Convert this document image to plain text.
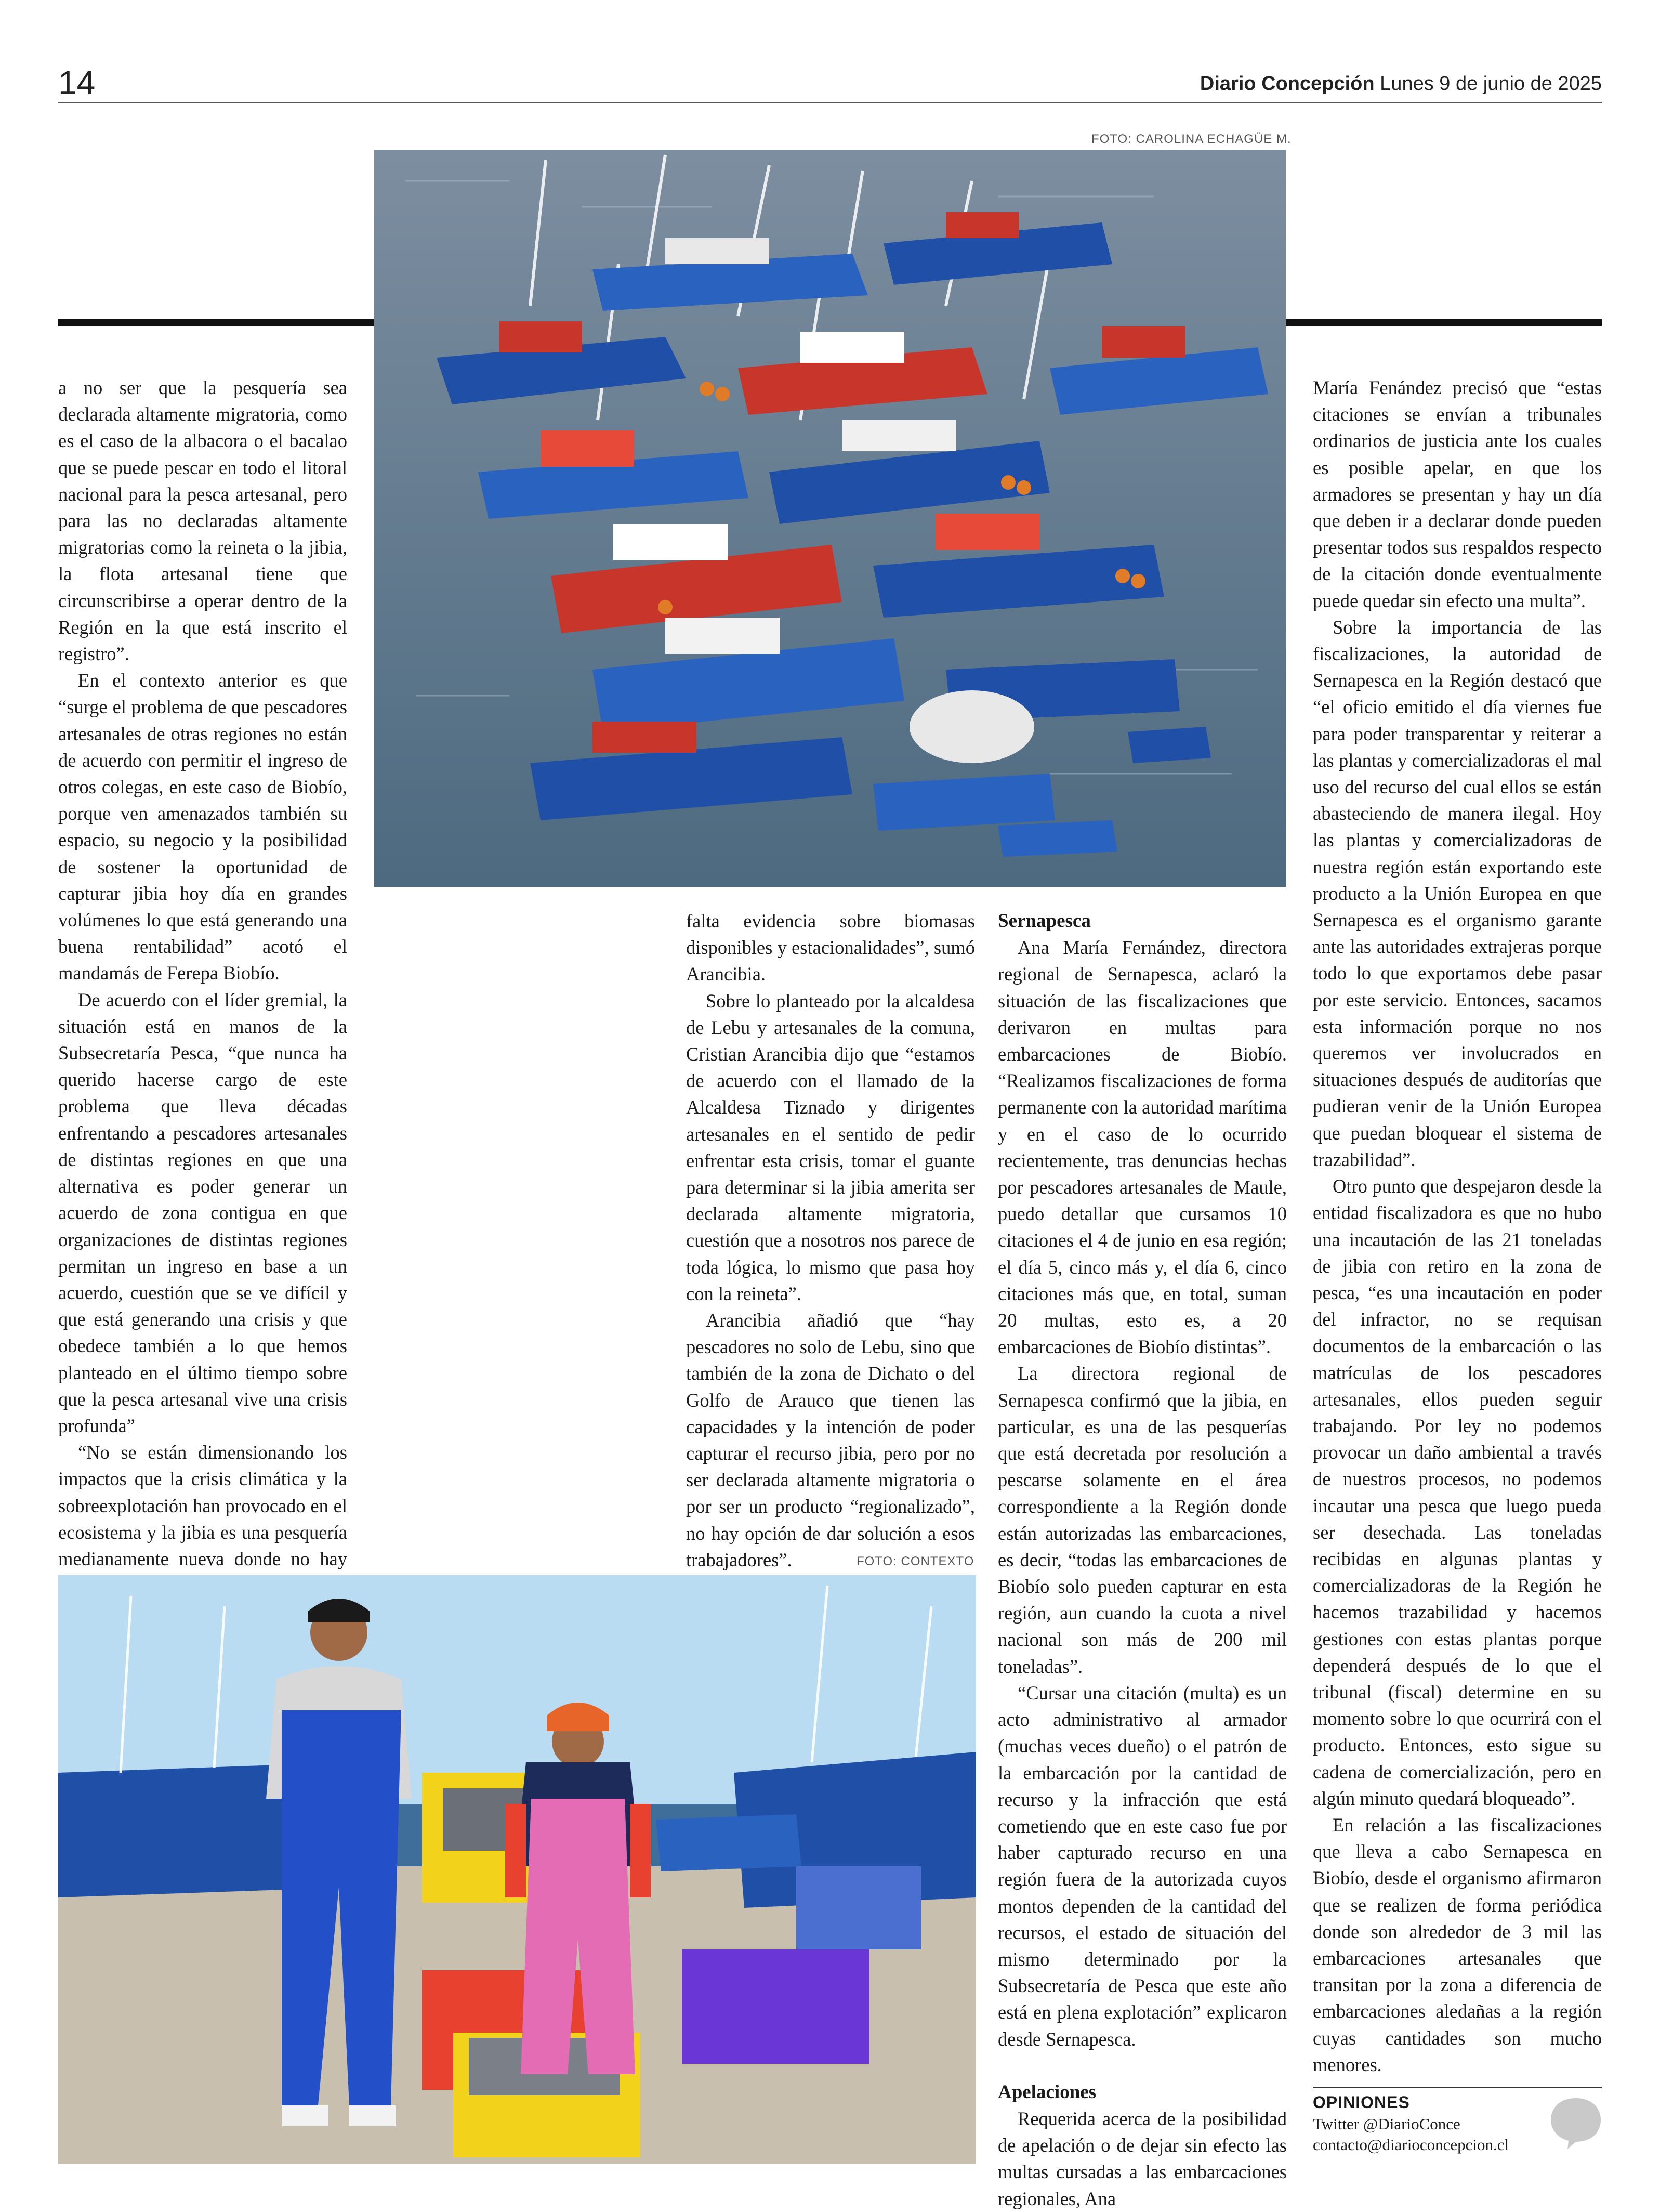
14	Diario Concepción Lunes 9 de junio de 2025
FOTO: CAROLINA ECHAGÜE M.

a no ser que la pesquería sea declarada altamente migratoria, como es el caso de la albacora o el bacalao que se puede pescar en todo el litoral nacional para la pesca artesanal, pero para las no declaradas altamente migratorias como la reineta o la jibia, la flota artesanal tiene que circunscribirse a operar dentro de la Región en la que está inscrito el registro”.

En el contexto anterior es que “surge el problema de que pescadores artesanales de otras regiones no están de acuerdo con permitir el ingreso de otros colegas, en este caso de Biobío, porque ven amenazados también su espacio, su negocio y la posibilidad de sostener la oportunidad de capturar jibia hoy día en grandes volúmenes lo que está generando una buena rentabilidad” acotó el mandamás de Ferepa Biobío.

De acuerdo con el líder gremial, la situación está en manos de la Subsecretaría Pesca, “que nunca ha querido hacerse cargo de este problema que lleva décadas enfrentando a pescadores artesanales de distintas regiones en que una alternativa es poder generar un acuerdo de zona contigua en que organizaciones de distintas regiones permitan un ingreso en base a un acuerdo, cuestión que se ve difícil y que está generando una crisis y que obedece también a lo que hemos planteado en el último tiempo sobre que la pesca artesanal vive una crisis profunda”

“No se están dimensionando los impactos que la crisis climática y la sobreexplotación han provocado en el ecosistema y la jibia es una pesquería medianamente nueva donde no hay

falta evidencia sobre biomasas disponibles y estacionalidades”, sumó Arancibia.

Sobre lo planteado por la alcaldesa de Lebu y artesanales de la comuna, Cristian Arancibia dijo que “estamos de acuerdo con el llamado de la Alcaldesa Tiznado y dirigentes artesanales en el sentido de pedir enfrentar esta crisis, tomar el guante para determinar si la jibia amerita ser declarada altamente migratoria, cuestión que a nosotros nos parece de toda lógica, lo mismo que pasa hoy con la reineta”.

Arancibia añadió que “hay pescadores no solo de Lebu, sino que también de la zona de Dichato o del Golfo de Arauco que tienen las capacidades y la intención de poder capturar el recurso jibia, pero por no ser declarada altamente migratoria o por ser un producto “regionalizado”, no hay opción de dar solución a esos trabajadores”.	FOTO: CONTEXTO
Sernapesca

Ana María Fernández, directora regional de Sernapesca, aclaró la situación de las fiscalizaciones que derivaron en multas para embarcaciones de Biobío. “Realizamos fiscalizaciones de forma permanente con la autoridad marítima y en el caso de lo ocurrido recientemente, tras denuncias hechas por pescadores artesanales de Maule, puedo detallar que cursamos 10 citaciones el 4 de junio en esa región; el día 5, cinco más y, el día 6, cinco citaciones más que, en total, suman 20 multas, esto es, a 20 embarcaciones de Biobío distintas”.

La directora regional de Sernapesca confirmó que la jibia, en particular, es una de las pesquerías que está decretada por resolución a pescarse solamente en el área correspondiente a la Región donde están autorizadas las embarcaciones, es decir, “todas las embarcaciones de Biobío solo pueden capturar en esta región, aun cuando la cuota a nivel nacional son más de 200 mil toneladas”.

“Cursar una citación (multa) es un acto administrativo al armador (muchas veces dueño) o el patrón de la embarcación por la cantidad de recurso y la infracción que está cometiendo que en este caso fue por haber capturado recurso en una región fuera de la autorizada cuyos montos dependen de la cantidad del recursos, el estado de situación del mismo determinado por la Subsecretaría de Pesca que este año está en plena explotación” explicaron desde Sernapesca.

Apelaciones

Requerida acerca de la posibilidad de apelación o de dejar sin efecto las multas cursadas a las embarcaciones regionales, Ana

María Fenández precisó que “estas citaciones se envían a tribunales ordinarios de justicia ante los cuales es posible apelar, en que los armadores se presentan y hay un día que deben ir a declarar donde pueden presentar todos sus respaldos respecto de la citación donde eventualmente puede quedar sin efecto una multa”.

Sobre la importancia de las fiscalizaciones, la autoridad de Sernapesca en la Región destacó que “el oficio emitido el día viernes fue para poder transparentar y reiterar a las plantas y comercializadoras el mal uso del recurso del cual ellos se están abasteciendo de manera ilegal. Hoy las plantas y comercializadoras de nuestra región están exportando este producto a la Unión Europea en que Sernapesca es el organismo garante ante las autoridades extrajeras porque todo lo que exportamos debe pasar por este servicio. Entonces, sacamos esta información porque no nos queremos ver involucrados en situaciones después de auditorías que pudieran venir de la Unión Europea que puedan bloquear el sistema de trazabilidad”.

Otro punto que despejaron desde la entidad fiscalizadora es que no hubo una incautación de las 21 toneladas de jibia con retiro en la zona de pesca, “es una incautación en poder del infractor, no se requisan documentos de la embarcación o las matrículas de los pescadores artesanales, ellos pueden seguir trabajando. Por ley no podemos provocar un daño ambiental a través de nuestros procesos, no podemos incautar una pesca que luego pueda ser desechada. Las toneladas recibidas en algunas plantas y comercializadoras de la Región he hacemos trazabilidad y hacemos gestiones con estas plantas porque dependerá después de lo que el tribunal (fiscal) determine en su momento sobre lo que ocurrirá con el producto. Entonces, esto sigue su cadena de comercialización, pero en algún minuto quedará bloqueado”.

En relación a las fiscalizaciones que lleva a cabo Sernapesca en Biobío, desde el organismo afirmaron que se realizen de forma periódica donde son alrededor de 3 mil las embarcaciones artesanales que transitan por la zona a diferencia de embarcaciones aledañas a la región cuyas cantidades son mucho menores.

OPINIONES
Twitter @DiarioConce
contacto@diarioconcepcion.cl
